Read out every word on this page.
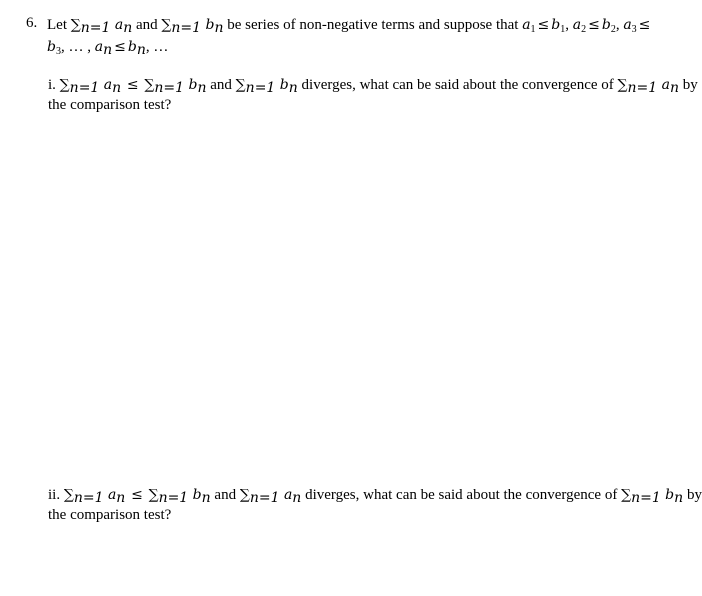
6. Let $\sum_{n=1}$ $a_n$ and $\sum_{n=1}$ $b_n$ be series of non-negative terms and suppose that $a_1 \le b_1$, $a_2 \le b_2$, $a_3$ ≤
$b_3$, … , $a_n \le b_n$, …
i. $\sum_{n=1}$ $a_n \le \sum_{n=1}$ $b_n$ and $\sum_{n=1}$ $b_n$ diverges, what can be said about the convergence of $\sum_{n=1}$ $a_n$ by
the comparison test?
ii. $\sum_{n=1}$ $a_n \le \sum_{n=1}$ $b_n$ and $\sum_{n=1}$ $a_n$ diverges, what can be said about the convergence of $\sum_{n=1}$ $b_n$ by
the comparison test?
